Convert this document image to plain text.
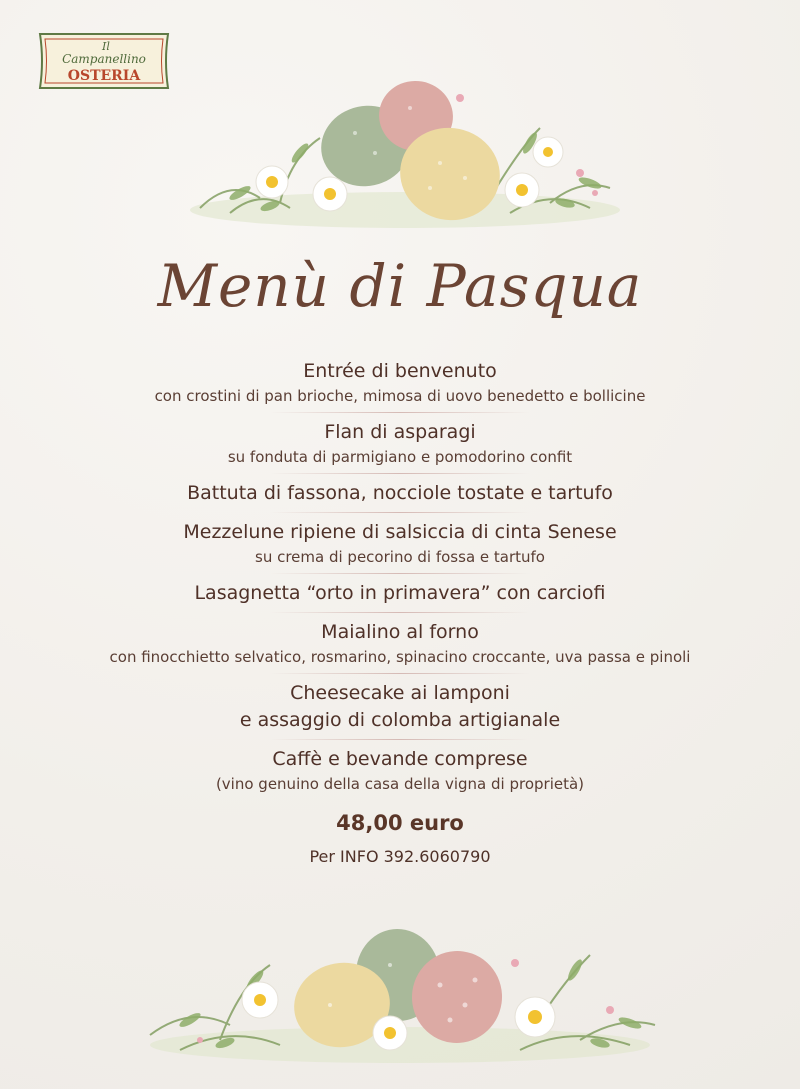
Il
Campanellino
OSTERIA
Menù di Pasqua
Entrée di benvenuto
con crostini di pan brioche, mimosa di uovo benedetto e bollicine
Flan di asparagi
su fonduta di parmigiano e pomodorino confit
Battuta di fassona, nocciole tostate e tartufo
Mezzelune ripiene di salsiccia di cinta Senese
su crema di pecorino di fossa e tartufo
Lasagnetta “orto in primavera” con carciofi
Maialino al forno
con finocchietto selvatico, rosmarino, spinacino croccante, uva passa e pinoli
Cheesecake ai lamponi
e assaggio di colomba artigianale
Caffè e bevande comprese
(vino genuino della casa della vigna di proprietà)
48,00 euro
Per INFO 392.6060790
